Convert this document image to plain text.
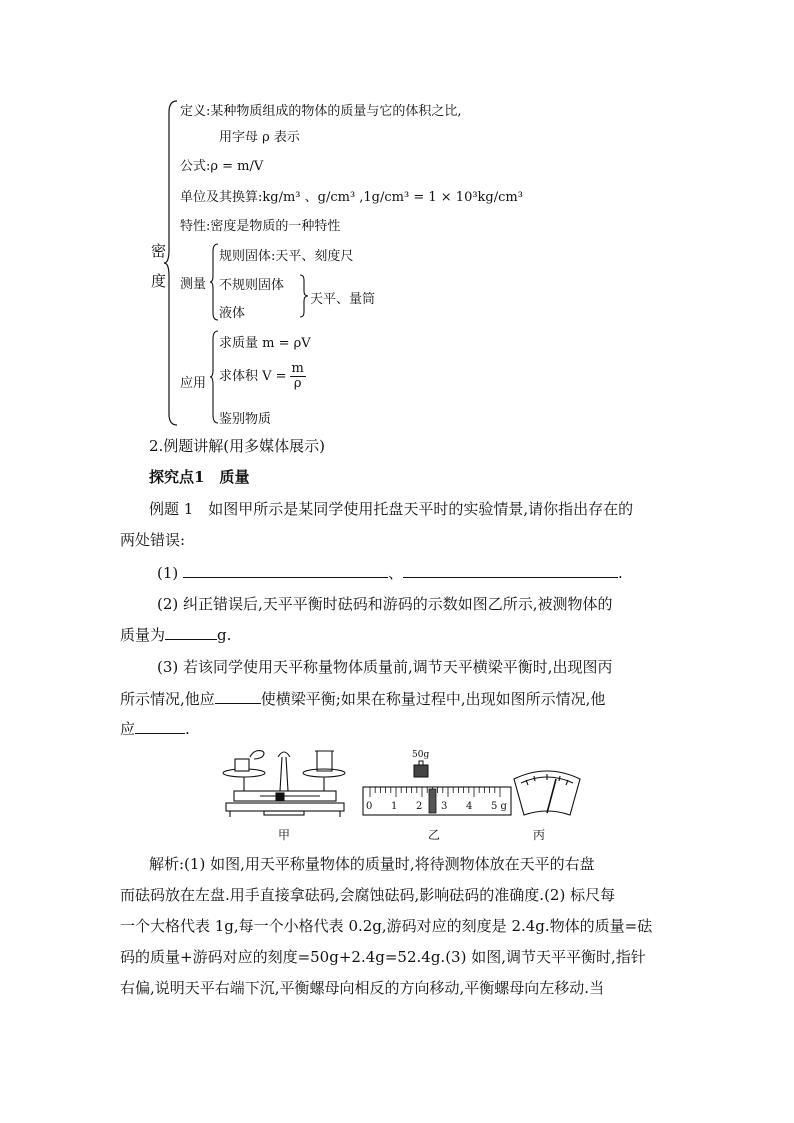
密度
定义:某种物质组成的物体的质量与它的体积之比,
用字母 ρ 表示
公式:ρ = m/V
单位及其换算:kg/m³ 、g/cm³ ,1g/cm³ = 1 × 10³kg/cm³
特性:密度是物质的一种特性
测量
规则固体:天平、刻度尺
不规则固体
液体
天平、量筒
应用
求质量 m = ρV
求体积 $V = \frac{m}{\rho}$
鉴别物质
2.例题讲解(用多媒体展示)
探究点1　质量
例题 1　如图甲所示是某同学使用托盘天平时的实验情景,请你指出存在的
两处错误:
(1)	、	.
(2) 纠正错误后,天平平衡时砝码和游码的示数如图乙所示,被测物体的
质量为	g.
(3) 若该同学使用天平称量物体质量前,调节天平横梁平衡时,出现图丙
所示情况,他应	使横梁平衡;如果在称量过程中,出现如图所示情况,他
应	.
甲
50g
0 1 2 3 4 5 g
乙	丙
解析:(1) 如图,用天平称量物体的质量时,将待测物体放在天平的右盘
而砝码放在左盘.用手直接拿砝码,会腐蚀砝码,影响砝码的准确度.(2) 标尺每
一个大格代表 1g,每一个小格代表 0.2g,游码对应的刻度是 2.4g.物体的质量=砝
码的质量+游码对应的刻度=50g+2.4g=52.4g.(3) 如图,调节天平平衡时,指针
右偏,说明天平右端下沉,平衡螺母向相反的方向移动,平衡螺母向左移动.当
